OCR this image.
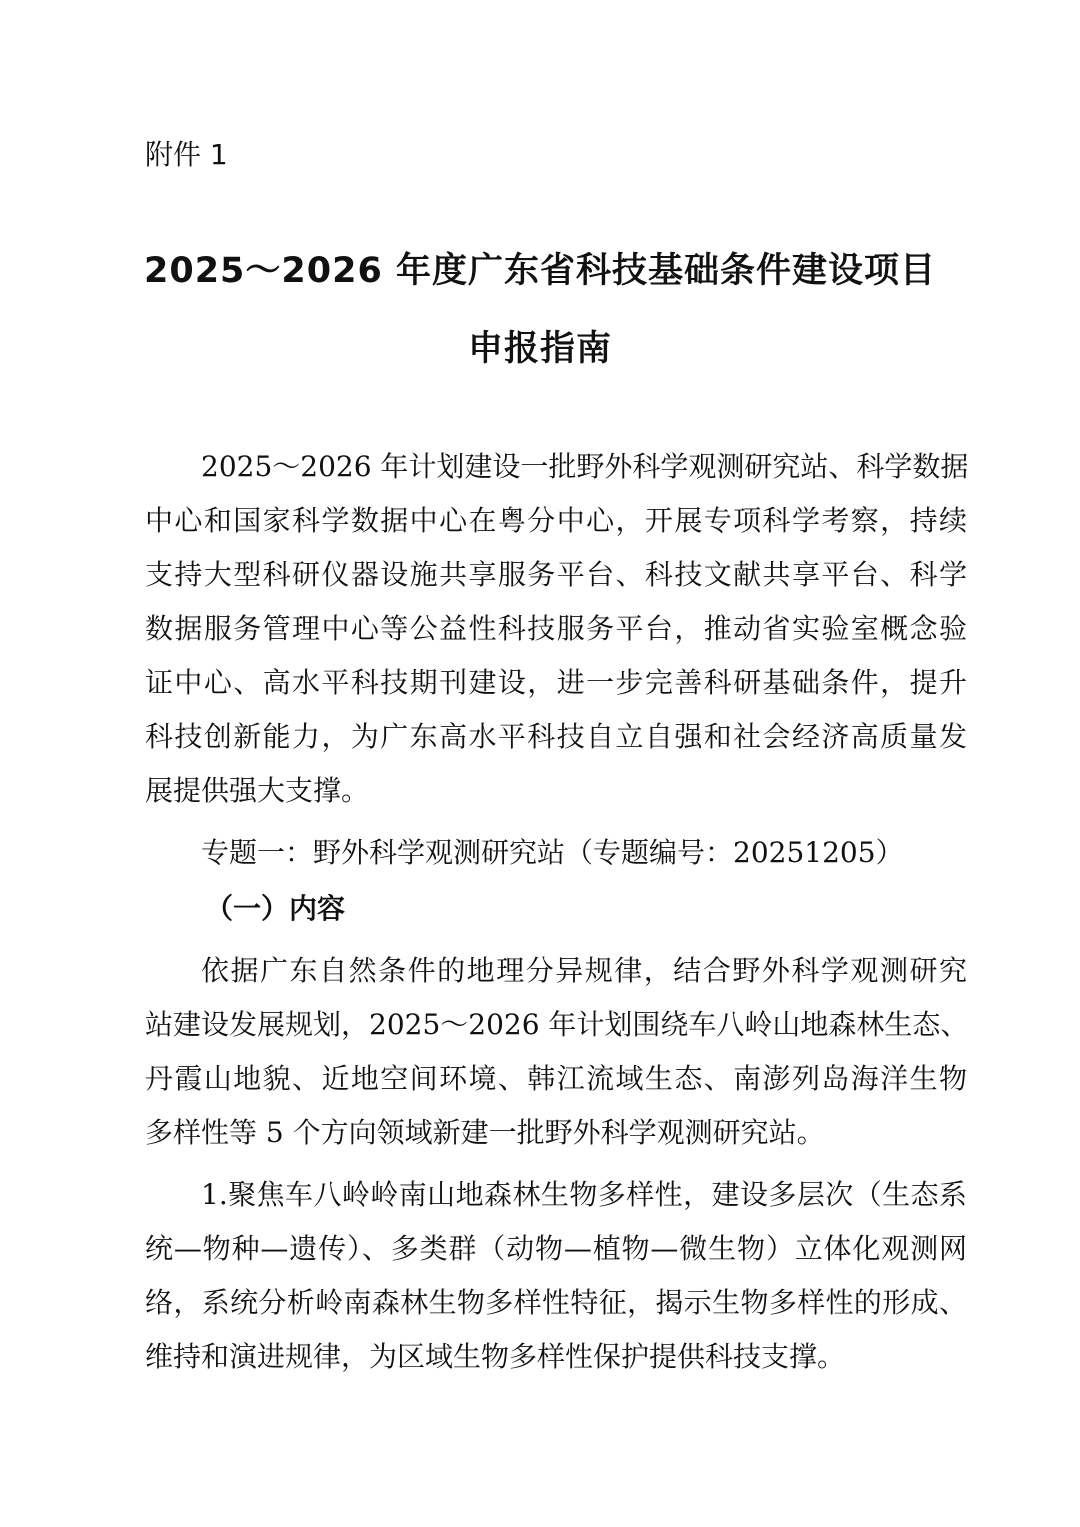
附件 1
2025～2026 年度广东省科技基础条件建设项目
申报指南
2025～2026 年计划建设一批野外科学观测研究站、科学数据
中心和国家科学数据中心在粤分中心，开展专项科学考察，持续
支持大型科研仪器设施共享服务平台、科技文献共享平台、科学
数据服务管理中心等公益性科技服务平台，推动省实验室概念验
证中心、高水平科技期刊建设，进一步完善科研基础条件，提升
科技创新能力，为广东高水平科技自立自强和社会经济高质量发
展提供强大支撑。
专题一：野外科学观测研究站（专题编号：20251205）
（一）内容
依据广东自然条件的地理分异规律，结合野外科学观测研究
站建设发展规划，2025～2026 年计划围绕车八岭山地森林生态、
丹霞山地貌、近地空间环境、韩江流域生态、南澎列岛海洋生物
多样性等 5 个方向领域新建一批野外科学观测研究站。
1.聚焦车八岭岭南山地森林生物多样性，建设多层次（生态系
统—物种—遗传）、多类群（动物—植物—微生物）立体化观测网
络，系统分析岭南森林生物多样性特征，揭示生物多样性的形成、
维持和演进规律，为区域生物多样性保护提供科技支撑。
